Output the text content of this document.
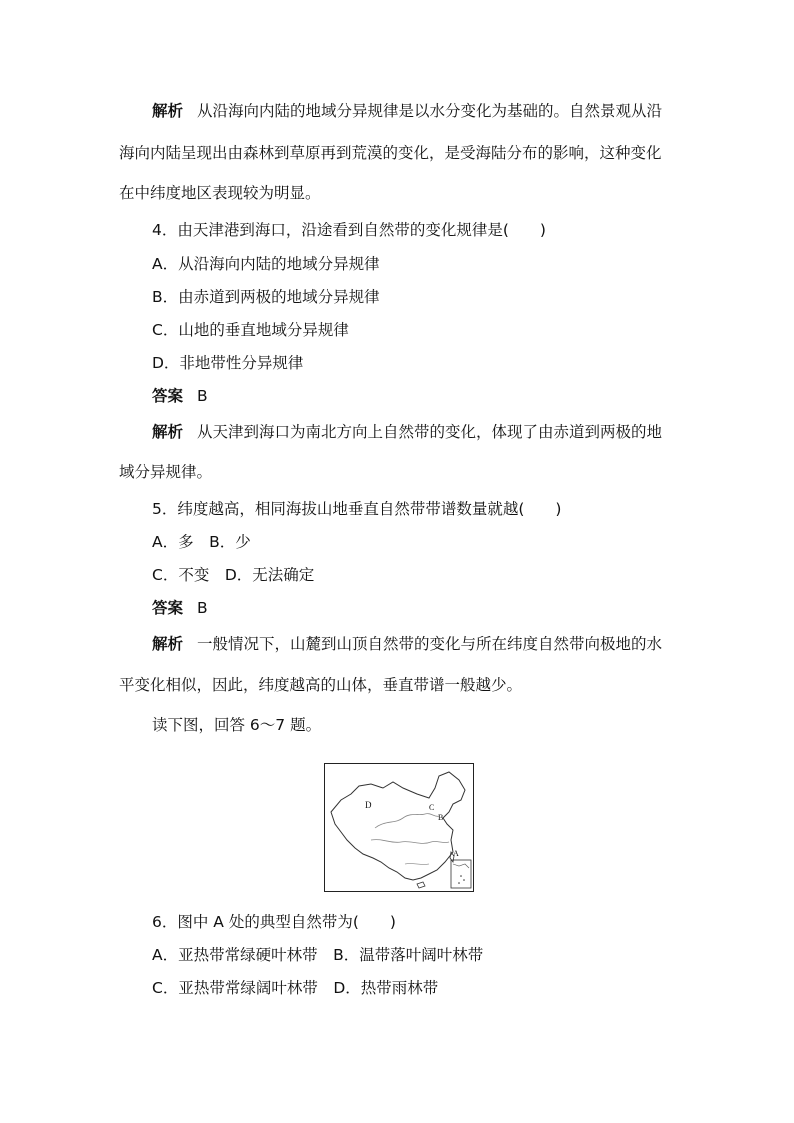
解析 从沿海向内陆的地域分异规律是以水分变化为基础的。自然景观从沿
海向内陆呈现出由森林到草原再到荒漠的变化，是受海陆分布的影响，这种变化
在中纬度地区表现较为明显。
4．由天津港到海口，沿途看到自然带的变化规律是(　　)
A．从沿海向内陆的地域分异规律
B．由赤道到两极的地域分异规律
C．山地的垂直地域分异规律
D．非地带性分异规律
答案 B
解析 从天津到海口为南北方向上自然带的变化，体现了由赤道到两极的地
域分异规律。
5．纬度越高，相同海拔山地垂直自然带带谱数量就越(　　)
A．多　B．少
C．不变　D．无法确定
答案 B
解析 一般情况下，山麓到山顶自然带的变化与所在纬度自然带向极地的水
平变化相似，因此，纬度越高的山体，垂直带谱一般越少。
读下图，回答 6～7 题。
D	C
B
A
6．图中 A 处的典型自然带为(　　)
A．亚热带常绿硬叶林带　B．温带落叶阔叶林带
C．亚热带常绿阔叶林带　D．热带雨林带
